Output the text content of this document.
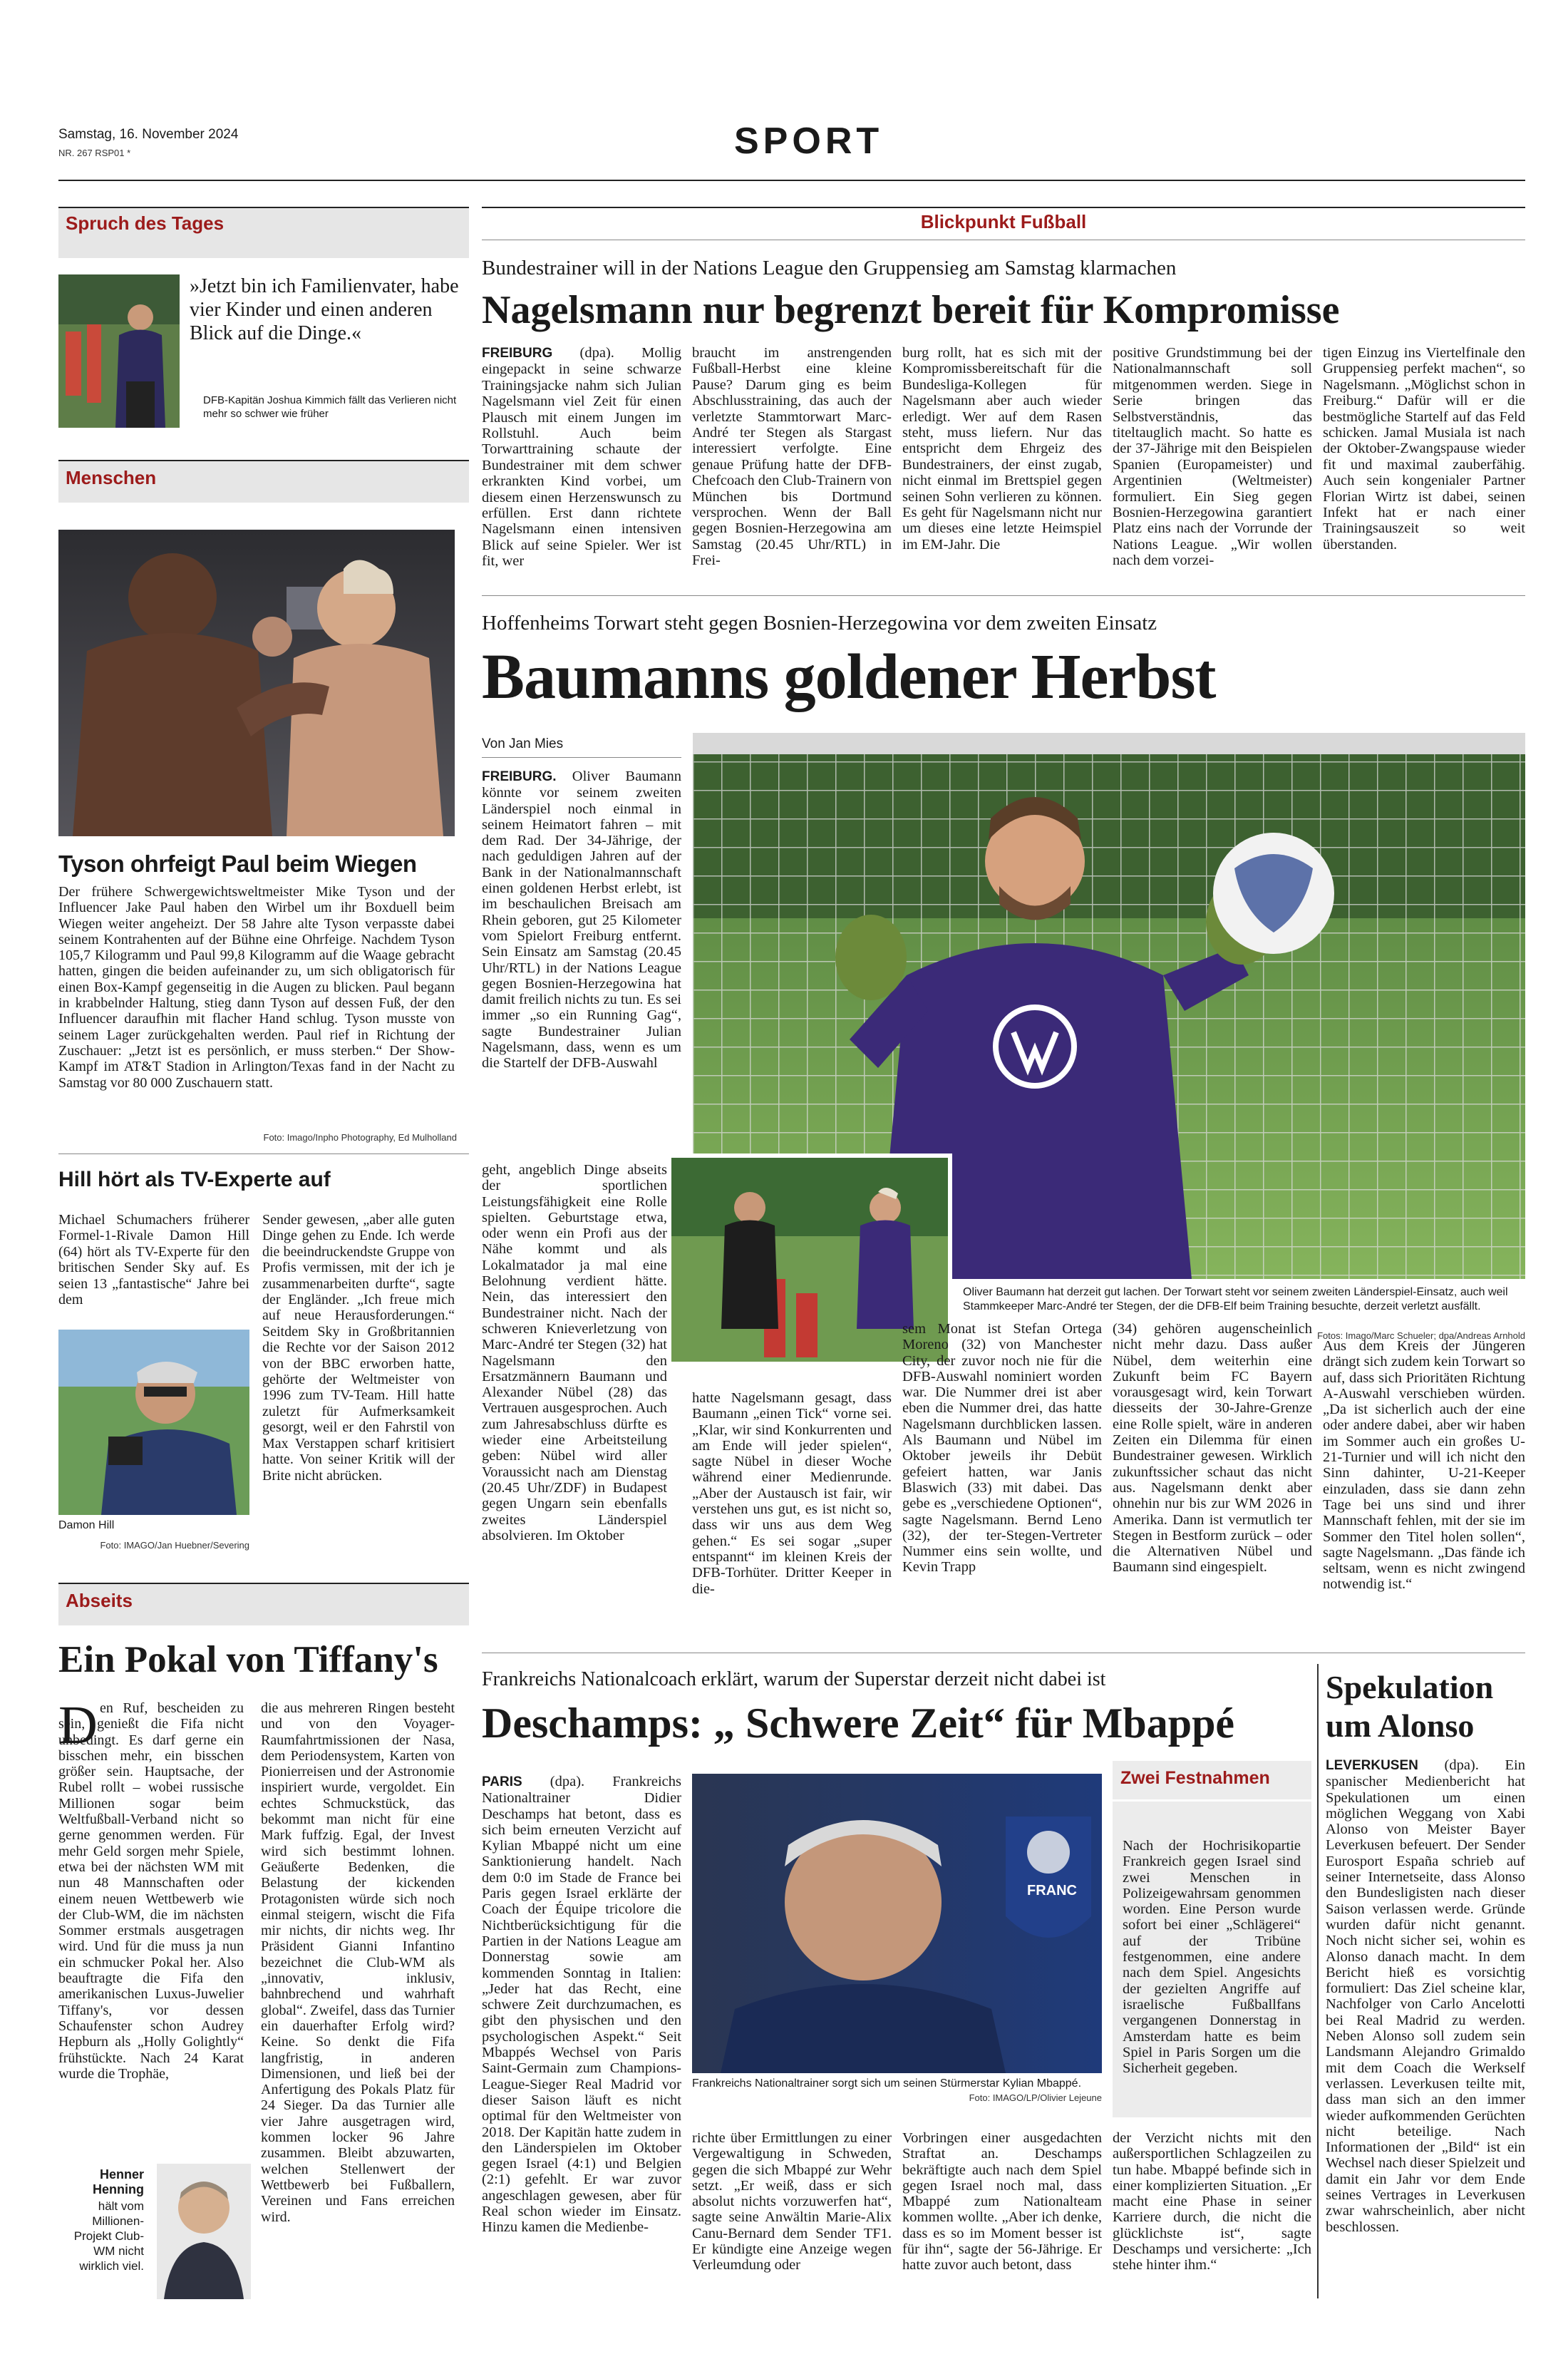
Samstag, 16. November 2024
NR. 267 RSP01 *	SPORT
Spruch des Tages
»Jetzt bin ich Familienvater, habe vier Kinder und einen anderen Blick auf die Dinge.«
DFB-Kapitän Joshua Kimmich fällt das Verlieren nicht mehr so schwer wie früher
Menschen
Tyson ohrfeigt Paul beim Wiegen
Der frühere Schwergewichtsweltmeister Mike Tyson und der Influencer Jake Paul haben den Wirbel um ihr Boxduell beim Wiegen weiter angeheizt. Der 58 Jahre alte Tyson verpasste dabei seinem Kontrahenten auf der Bühne eine Ohrfeige. Nachdem Tyson 105,7 Kilogramm und Paul 99,8 Kilogramm auf die Waage gebracht hatten, gingen die beiden aufeinander zu, um sich obligatorisch für einen Box-Kampf gegenseitig in die Augen zu blicken. Paul begann in krabbelnder Haltung, stieg dann Tyson auf dessen Fuß, der den Influencer daraufhin mit flacher Hand schlug. Tyson musste von seinem Lager zurückgehalten werden. Paul rief in Richtung der Zuschauer: „Jetzt ist es persönlich, er muss sterben.“ Der Show-Kampf im AT&T Stadion in Arlington/Texas fand in der Nacht zu Samstag vor 80 000 Zuschauern statt.
Foto: Imago/Inpho Photography, Ed Mulholland
Hill hört als TV-Experte auf
Michael Schumachers früherer Formel-1-Rivale Damon Hill (64) hört als TV-Experte für den britischen Sender Sky auf. Es seien 13 „fantastische“ Jahre bei dem
Damon Hill
Foto: IMAGO/Jan Huebner/Severing
Sender gewesen, „aber alle guten Dinge gehen zu Ende. Ich werde die beeindruckendste Gruppe von Profis vermissen, mit der ich je zusammenarbeiten durfte“, sagte der Engländer. „Ich freue mich auf neue Herausforderungen.“ Seitdem Sky in Großbritannien die Rechte vor der Saison 2012 von der BBC erworben hatte, gehörte der Weltmeister von 1996 zum TV-Team. Hill hatte zuletzt für Aufmerksamkeit gesorgt, weil er den Fahrstil von Max Verstappen scharf kritisiert hatte. Von seiner Kritik will der Brite nicht abrücken.
Abseits
Ein Pokal von Tiffany's
D en Ruf, bescheiden zu sein, genießt die Fifa nicht unbedingt. Es darf gerne ein bisschen mehr, ein bisschen größer sein. Hauptsache, der Rubel rollt – wobei russische Millionen sogar beim Weltfußball-Verband nicht so gerne genommen werden. Für mehr Geld sorgen mehr Spiele, etwa bei der nächsten WM mit nun 48 Mannschaften oder einem neuen Wettbewerb wie der Club-WM, die im nächsten Sommer erstmals ausgetragen wird. Und für die muss ja nun ein schmucker Pokal her. Also beauftragte die Fifa den amerikanischen Luxus-Juwelier Tiffany's, vor dessen Schaufenster schon Audrey Hepburn als „Holly Golightly“ frühstückte. Nach 24 Karat wurde die Trophäe,
die aus mehreren Ringen besteht und von den Voyager-Raumfahrtmissionen der Nasa, dem Periodensystem, Karten von Pionierreisen und der Astronomie inspiriert wurde, vergoldet. Ein echtes Schmuckstück, das bekommt man nicht für eine Mark fuffzig. Egal, der Invest wird sich bestimmt lohnen. Geäußerte Bedenken, die Belastung der kickenden Protagonisten würde sich noch einmal steigern, wischt die Fifa mir nichts, dir nichts weg. Ihr Präsident Gianni Infantino bezeichnet die Club-WM als „innovativ, inklusiv, bahnbrechend und wahrhaft global“. Zweifel, dass das Turnier ein dauerhafter Erfolg wird? Keine. So denkt die Fifa langfristig, in anderen Dimensionen, und ließ bei der Anfertigung des Pokals Platz für 24 Sieger. Da das Turnier alle vier Jahre ausgetragen wird, kommen locker 96 Jahre zusammen. Bleibt abzuwarten, welchen Stellenwert der Wettbewerb bei Fußballern, Vereinen und Fans erreichen wird.
Henner Henning
hält vom Millionen-Projekt Club-WM nicht wirklich viel.
Blickpunkt Fußball
Bundestrainer will in der Nations League den Gruppensieg am Samstag klarmachen
Nagelsmann nur begrenzt bereit für Kompromisse
FREIBURG (dpa). Mollig eingepackt in seine schwarze Trainingsjacke nahm sich Julian Nagelsmann viel Zeit für einen Plausch mit einem Jungen im Rollstuhl. Auch beim Torwarttraining schaute der Bundestrainer mit dem schwer erkrankten Kind vorbei, um diesem einen Herzenswunsch zu erfüllen. Erst dann richtete Nagelsmann einen intensiven Blick auf seine Spieler. Wer ist fit, wer
braucht im anstrengenden Fußball-Herbst eine kleine Pause? Darum ging es beim Abschlusstraining, das auch der verletzte Stammtorwart Marc-André ter Stegen als Stargast interessiert verfolgte. Eine genaue Prüfung hatte der DFB-Chefcoach den Club-Trainern von München bis Dortmund versprochen. Wenn der Ball gegen Bosnien-Herzegowina am Samstag (20.45 Uhr/RTL) in Frei-
burg rollt, hat es sich mit der Kompromissbereitschaft für die Bundesliga-Kollegen für Nagelsmann aber auch wieder erledigt. Wer auf dem Rasen steht, muss liefern. Nur das entspricht dem Ehrgeiz des Bundestrainers, der einst zugab, nicht einmal im Brettspiel gegen seinen Sohn verlieren zu können. Es geht für Nagelsmann nicht nur um dieses eine letzte Heimspiel im EM-Jahr. Die
positive Grundstimmung bei der Nationalmannschaft soll mitgenommen werden. Siege in Serie bringen das Selbstverständnis, das titeltauglich macht. So hatte es der 37-Jährige mit den Beispielen Spanien (Europameister) und Argentinien (Weltmeister) formuliert. Ein Sieg gegen Bosnien-Herzegowina garantiert Platz eins nach der Vorrunde der Nations League. „Wir wollen nach dem vorzei-
tigen Einzug ins Viertelfinale den Gruppensieg perfekt machen“, so Nagelsmann. „Möglichst schon in Freiburg.“ Dafür will er die bestmögliche Startelf auf das Feld schicken. Jamal Musiala ist nach der Oktober-Zwangspause wieder fit und maximal zauberfähig. Auch sein kongenialer Partner Florian Wirtz ist dabei, seinen Infekt hat er nach einer Trainingsauszeit so weit überstanden.
Hoffenheims Torwart steht gegen Bosnien-Herzegowina vor dem zweiten Einsatz
Baumanns goldener Herbst
Von Jan Mies
FREIBURG. Oliver Baumann könnte vor seinem zweiten Länderspiel noch einmal in seinem Heimatort fahren – mit dem Rad. Der 34-Jährige, der nach geduldigen Jahren auf der Bank in der Nationalmannschaft einen goldenen Herbst erlebt, ist im beschaulichen Breisach am Rhein geboren, gut 25 Kilometer vom Spielort Freiburg entfernt. Sein Einsatz am Samstag (20.45 Uhr/RTL) in der Nations League gegen Bosnien-Herzegowina hat damit freilich nichts zu tun. Es sei immer „so ein Running Gag“, sagte Bundestrainer Julian Nagelsmann, dass, wenn es um die Startelf der DFB-Auswahl
geht, angeblich Dinge abseits der sportlichen Leistungsfähigkeit eine Rolle spielten. Geburtstage etwa, oder wenn ein Profi aus der Nähe kommt und als Lokalmatador ja mal eine Belohnung verdient hätte. Nein, das interessiert den Bundestrainer nicht. Nach der schweren Knieverletzung von Marc-André ter Stegen (32) hat Nagelsmann den Ersatzmännern Baumann und Alexander Nübel (28) das Vertrauen ausgesprochen. Auch zum Jahresabschluss dürfte es wieder eine Arbeitsteilung geben: Nübel wird aller Voraussicht nach am Dienstag (20.45 Uhr/ZDF) in Budapest gegen Ungarn sein ebenfalls zweites Länderspiel absolvieren. Im Oktober
Oliver Baumann hat derzeit gut lachen. Der Torwart steht vor seinem zweiten Länderspiel-Einsatz, auch weil Stammkeeper Marc-André ter Stegen, der die DFB-Elf beim Training besuchte, derzeit verletzt ausfällt.
Fotos: Imago/Marc Schueler; dpa/Andreas Arnhold
hatte Nagelsmann gesagt, dass Baumann „einen Tick“ vorne sei. „Klar, wir sind Konkurrenten und am Ende will jeder spielen“, sagte Nübel in dieser Woche während einer Medienrunde. „Aber der Austausch ist fair, wir verstehen uns gut, es ist nicht so, dass wir uns aus dem Weg gehen.“ Es sei sogar „super entspannt“ im kleinen Kreis der DFB-Torhüter. Dritter Keeper in die-
sem Monat ist Stefan Ortega Moreno (32) von Manchester City, der zuvor noch nie für die DFB-Auswahl nominiert worden war. Die Nummer drei ist aber eben die Nummer drei, das hatte Nagelsmann durchblicken lassen. Als Baumann und Nübel im Oktober jeweils ihr Debüt gefeiert hatten, war Janis Blaswich (33) mit dabei. Das gebe es „verschiedene Optionen“, sagte Nagelsmann. Bernd Leno (32), der ter-Stegen-Vertreter Nummer eins sein wollte, und Kevin Trapp
(34) gehören augenscheinlich nicht mehr dazu. Dass außer Nübel, dem weiterhin eine Zukunft beim FC Bayern vorausgesagt wird, kein Torwart diesseits der 30-Jahre-Grenze eine Rolle spielt, wäre in anderen Zeiten ein Dilemma für einen Bundestrainer gewesen. Wirklich zukunftssicher schaut das nicht aus. Nagelsmann denkt aber ohnehin nur bis zur WM 2026 in Amerika. Dann ist vermutlich ter Stegen in Bestform zurück – oder die Alternativen Nübel und Baumann sind eingespielt.
Aus dem Kreis der Jüngeren drängt sich zudem kein Torwart so auf, dass sich Prioritäten Richtung A-Auswahl verschieben würden. „Da ist sicherlich auch der eine oder andere dabei, aber wir haben im Sommer auch ein großes U-21-Turnier und will ich nicht den Sinn dahinter, U-21-Keeper einzuladen, dass sie dann zehn Tage bei uns sind und ihrer Mannschaft fehlen, mit der sie im Sommer den Titel holen sollen“, sagte Nagelsmann. „Das fände ich seltsam, wenn es nicht zwingend notwendig ist.“
Frankreichs Nationalcoach erklärt, warum der Superstar derzeit nicht dabei ist
Deschamps: „ Schwere Zeit“ für Mbappé
PARIS (dpa). Frankreichs Nationaltrainer Didier Deschamps hat betont, dass es sich beim erneuten Verzicht auf Kylian Mbappé nicht um eine Sanktionierung handelt. Nach dem 0:0 im Stade de France bei Paris gegen Israel erklärte der Coach der Équipe tricolore die Nichtberücksichtigung für die Partien in der Nations League am Donnerstag sowie am kommenden Sonntag in Italien: „Jeder hat das Recht, eine schwere Zeit durchzumachen, es gibt den physischen und den psychologischen Aspekt.“ Seit Mbappés Wechsel von Paris Saint-Germain zum Champions-League-Sieger Real Madrid vor dieser Saison läuft es nicht optimal für den Weltmeister von 2018. Der Kapitän hatte zudem in den Länderspielen im Oktober gegen Israel (4:1) und Belgien (2:1) gefehlt. Er war zuvor angeschlagen gewesen, aber für Real schon wieder im Einsatz. Hinzu kamen die Medienbe-
FRANC
Frankreichs Nationaltrainer sorgt sich um seinen Stürmerstar Kylian Mbappé.
Foto: IMAGO/LP/Olivier Lejeune
richte über Ermittlungen zu einer Vergewaltigung in Schweden, gegen die sich Mbappé zur Wehr setzt. „Er weiß, dass er sich absolut nichts vorzuwerfen hat“, sagte seine Anwältin Marie-Alix Canu-Bernard dem Sender TF1. Er kündigte eine Anzeige wegen Verleumdung oder
Vorbringen einer ausgedachten Straftat an. Deschamps bekräftigte auch nach dem Spiel gegen Israel noch mal, dass Mbappé zum Nationalteam kommen wollte. „Aber ich denke, dass es so im Moment besser ist für ihn“, sagte der 56-Jährige. Er hatte zuvor auch betont, dass
Zwei Festnahmen
Nach der Hochrisikopartie Frankreich gegen Israel sind zwei Menschen in Polizeigewahrsam genommen worden. Eine Person wurde sofort bei einer „Schlägerei“ auf der Tribüne festgenommen, eine andere nach dem Spiel. Angesichts der gezielten Angriffe auf israelische Fußballfans vergangenen Donnerstag in Amsterdam hatte es beim Spiel in Paris Sorgen um die Sicherheit gegeben.
der Verzicht nichts mit den außersportlichen Schlagzeilen zu tun habe. Mbappé befinde sich in einer komplizierten Situation. „Er macht eine Phase in seiner Karriere durch, die nicht die glücklichste ist“, sagte Deschamps und versicherte: „Ich stehe hinter ihm.“
Spekulation um Alonso
LEVERKUSEN (dpa). Ein spanischer Medienbericht hat Spekulationen um einen möglichen Weggang von Xabi Alonso von Meister Bayer Leverkusen befeuert. Der Sender Eurosport España schrieb auf seiner Internetseite, dass Alonso den Bundesligisten nach dieser Saison verlassen werde. Gründe wurden dafür nicht genannt. Noch nicht sicher sei, wohin es Alonso danach macht. In dem Bericht hieß es vorsichtig formuliert: Das Ziel scheine klar, Nachfolger von Carlo Ancelotti bei Real Madrid zu werden. Neben Alonso soll zudem sein Landsmann Alejandro Grimaldo mit dem Coach die Werkself verlassen. Leverkusen teilte mit, dass man sich an den immer wieder aufkommenden Gerüchten nicht beteilige. Nach Informationen der „Bild“ ist ein Wechsel nach dieser Spielzeit und damit ein Jahr vor dem Ende seines Vertrages in Leverkusen zwar wahrscheinlich, aber nicht beschlossen.
